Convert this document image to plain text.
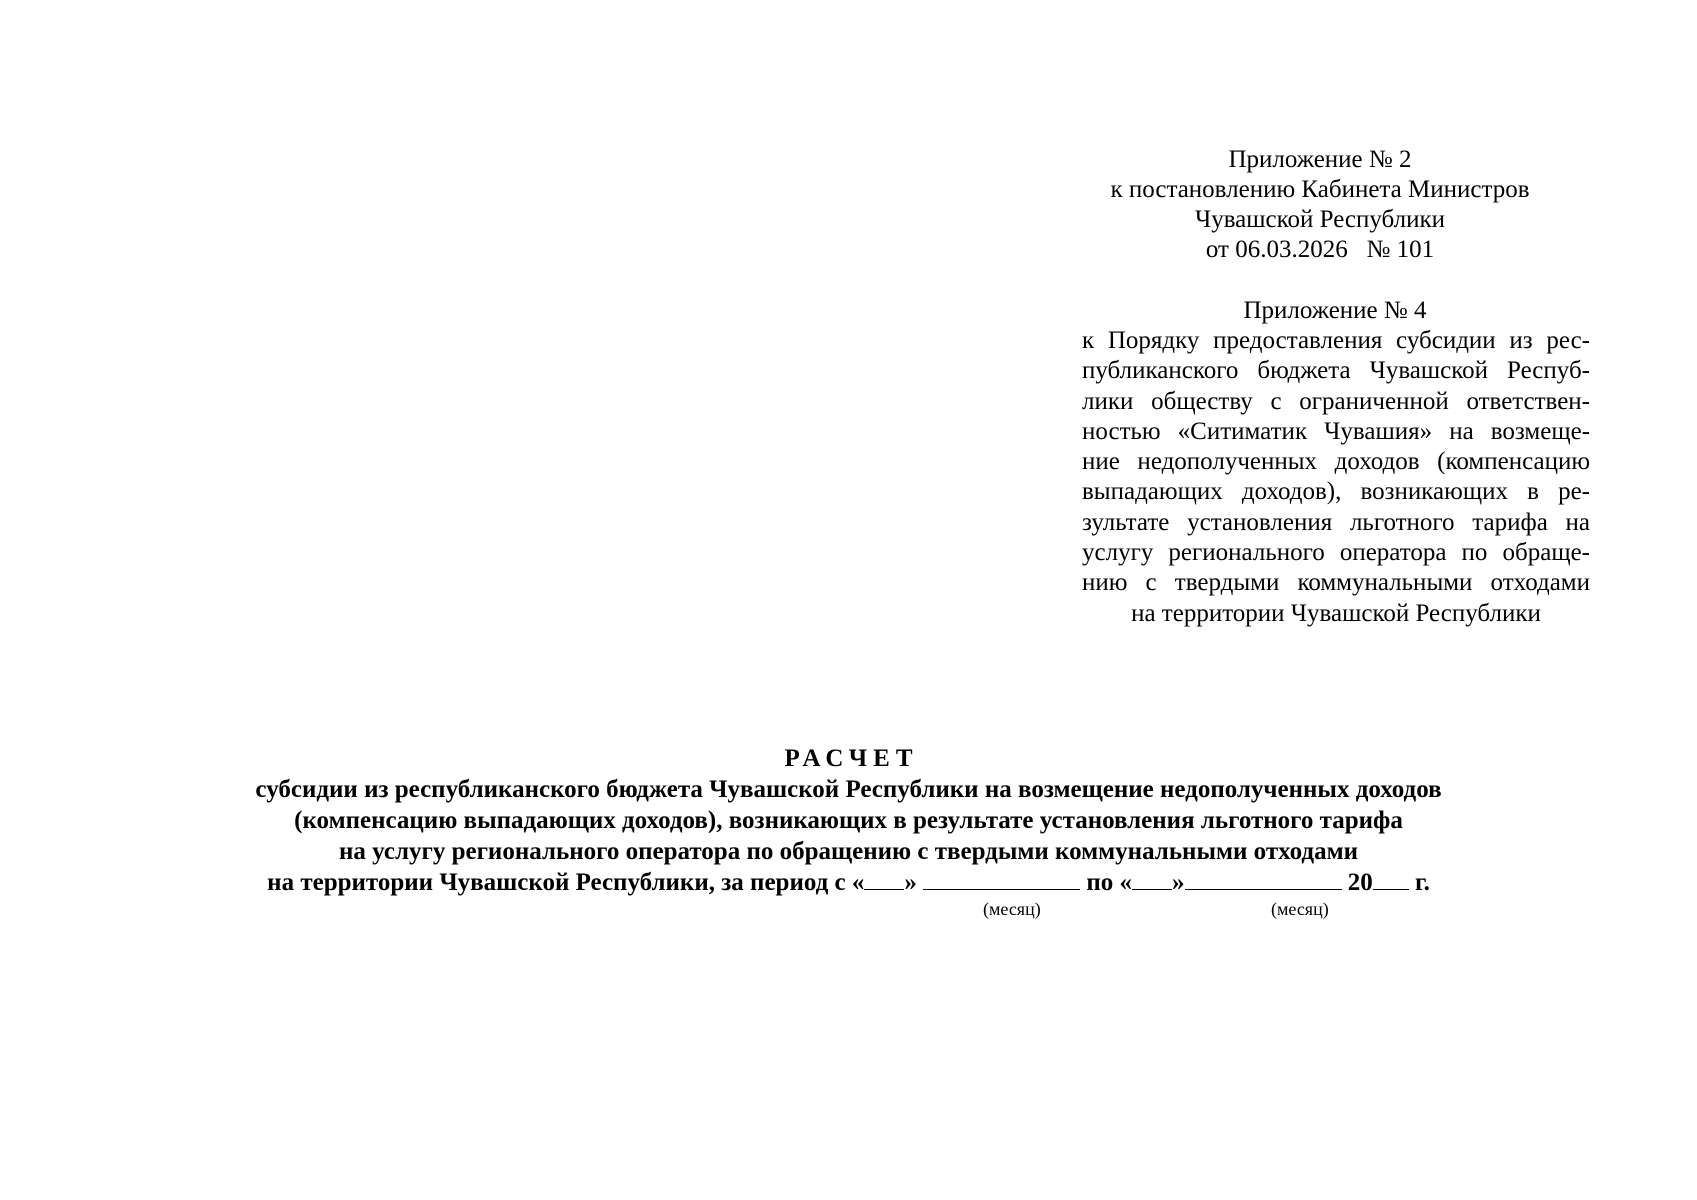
Приложение № 2
к постановлению Кабинета Министров
Чувашской Республики
от 06.03.2026   № 101
Приложение № 4
к Порядку предоставления субсидии из рес-
публиканского бюджета Чувашской Респуб-
лики обществу с ограниченной ответствен-
ностью «Ситиматик Чувашия» на возмеще-
ние недополученных доходов (компенсацию
выпадающих доходов), возникающих в ре-
зультате установления льготного тарифа на
услугу регионального оператора по обраще-
нию с твердыми коммунальными отходами
на территории Чувашской Республики
РАСЧЕТ
субсидии из республиканского бюджета Чувашской Республики на возмещение недополученных доходов
(компенсацию выпадающих доходов), возникающих в результате установления льготного тарифа
на услугу регионального оператора по обращению с твердыми коммунальными отходами
на территории Чувашской Республики, за период с « »	по « »	20 г.
(месяц)	(месяц)
